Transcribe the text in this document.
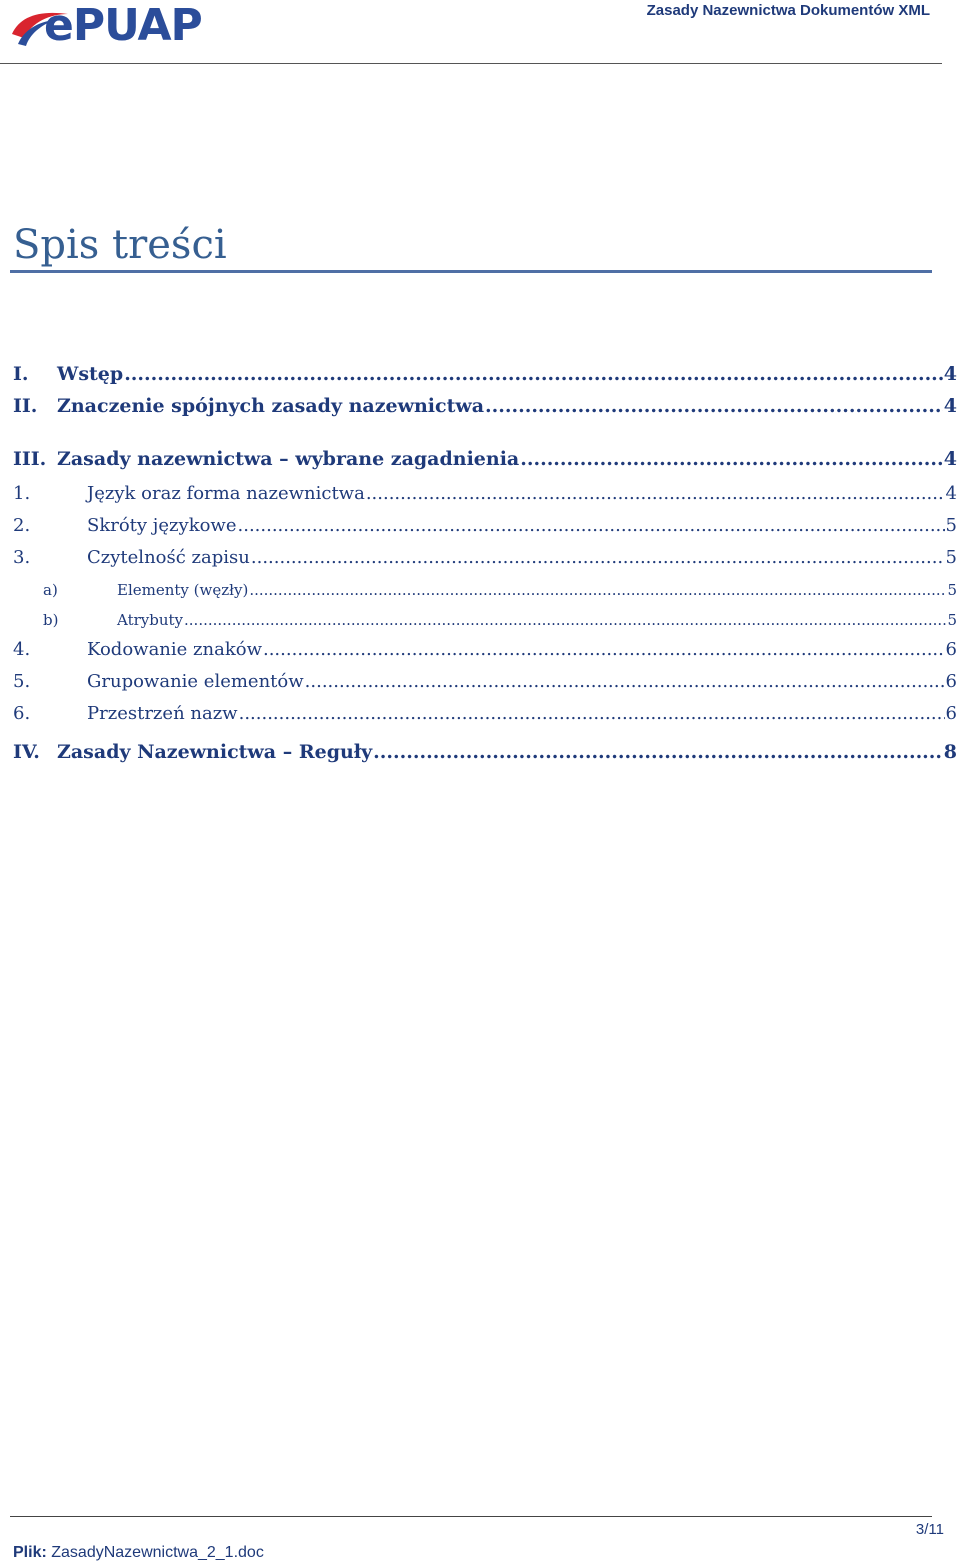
ePUAP	Zasady Nazewnictwa Dokumentów XML
Spis treści
I.	Wstęp .....	4
II.	Znaczenie spójnych zasady nazewnictwa .....	4
III. Zasady nazewnictwa – wybrane zagadnienia .....	4
1.	Język oraz forma nazewnictwa .....	4
2.	Skróty językowe .....	5
3.	Czytelność zapisu .....	5
a)	Elementy (węzły) .....	5
b)	Atrybuty .....	5
4.	Kodowanie znaków .....	6
5.	Grupowanie elementów .....	6
6.	Przestrzeń nazw .....	6
IV. Zasady Nazewnictwa – Reguły .....	8
3/11
Plik: ZasadyNazewnictwa_2_1.doc
